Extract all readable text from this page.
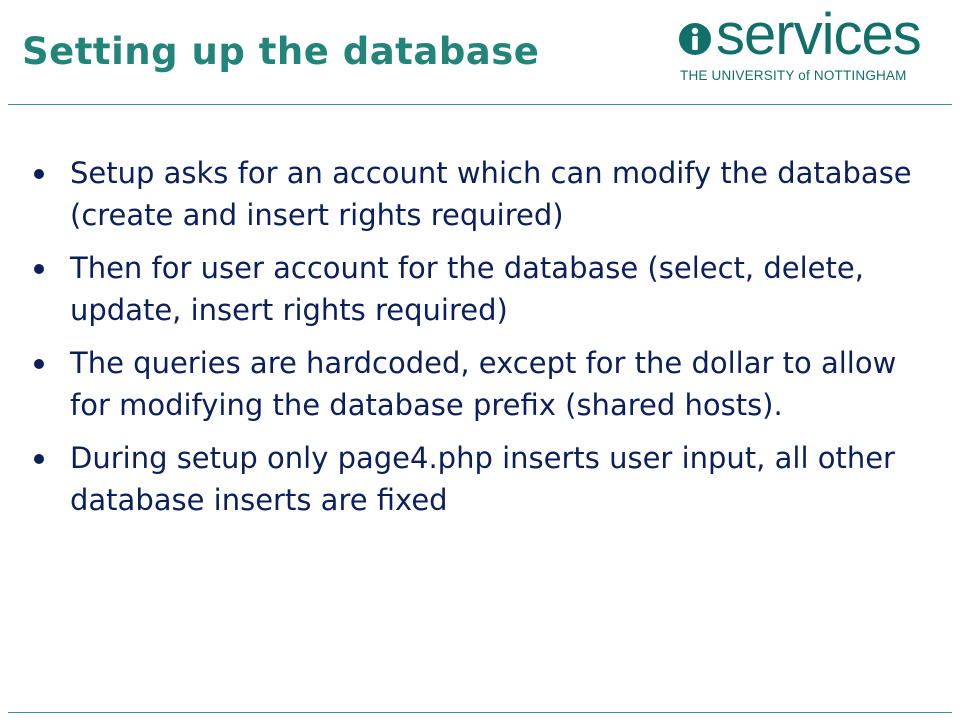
Setting up the database	services
THE UNIVERSITY of NOTTINGHAM
Setup asks for an account which can modify the database (create and insert rights required)
Then for user account for the database (select, delete, update, insert rights required)
The queries are hardcoded, except for the dollar to allow for modifying the database prefix (shared hosts).
During setup only page4.php inserts user input, all other database inserts are fixed
